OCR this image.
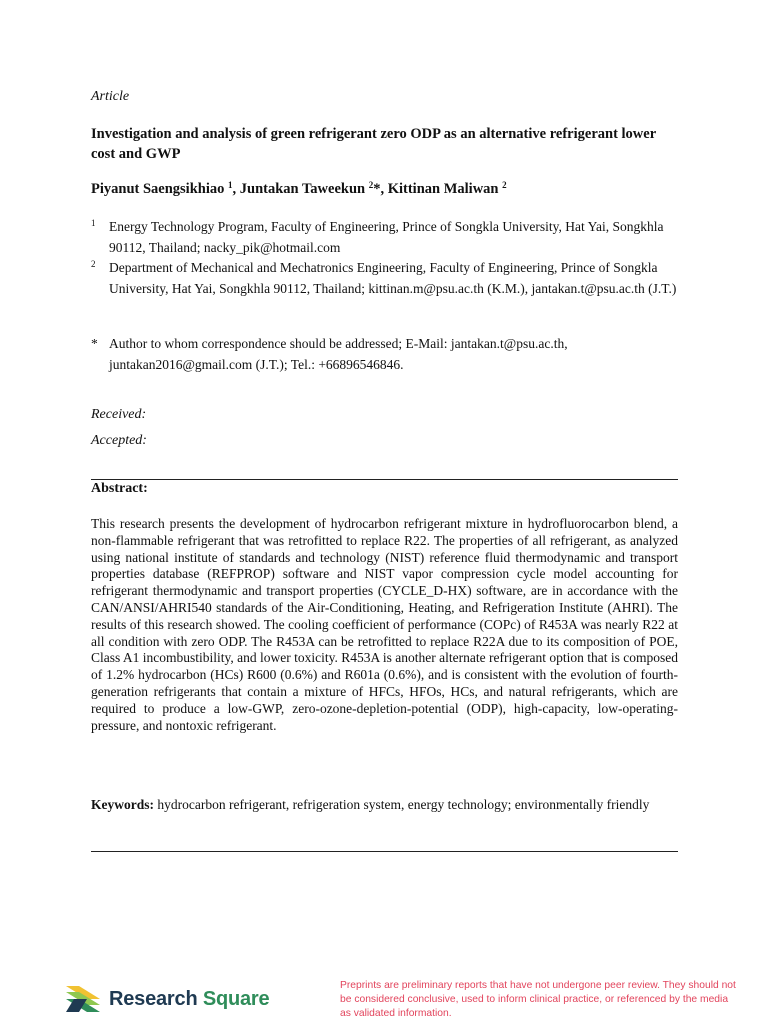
Article
Investigation and analysis of green refrigerant zero ODP as an alternative refrigerant lower cost and GWP
Piyanut Saengsikhiao $^1$, Juntakan Taweekun $^2$*, Kittinan Maliwan $^2$
1 Energy Technology Program, Faculty of Engineering, Prince of Songkla University, Hat Yai, Songkhla 90112, Thailand; nacky_pik@hotmail.com
2 Department of Mechanical and Mechatronics Engineering, Faculty of Engineering, Prince of Songkla University, Hat Yai, Songkhla 90112, Thailand; kittinan.m@psu.ac.th (K.M.), jantakan.t@psu.ac.th (J.T.)
* Author to whom correspondence should be addressed; E-Mail: jantakan.t@psu.ac.th, juntakan2016@gmail.com (J.T.); Tel.: +66896546846.
Received:
Accepted:
Abstract:
This research presents the development of hydrocarbon refrigerant mixture in hydrofluorocarbon blend, a non-flammable refrigerant that was retrofitted to replace R22. The properties of all refrigerant, as analyzed using national institute of standards and technology (NIST) reference fluid thermodynamic and transport properties database (REFPROP) software and NIST vapor compression cycle model accounting for refrigerant thermodynamic and transport properties (CYCLE_D-HX) software, are in accordance with the CAN/ANSI/AHRI540 standards of the Air-Conditioning, Heating, and Refrigeration Institute (AHRI). The results of this research showed. The cooling coefficient of performance (COPc) of R453A was nearly R22 at all condition with zero ODP. The R453A can be retrofitted to replace R22A due to its composition of POE, Class A1 incombustibility, and lower toxicity. R453A is another alternate refrigerant option that is composed of 1.2% hydrocarbon (HCs) R600 (0.6%) and R601a (0.6%), and is consistent with the evolution of fourth-generation refrigerants that contain a mixture of HFCs, HFOs, HCs, and natural refrigerants, which are required to produce a low-GWP, zero-ozone-depletion-potential (ODP), high-capacity, low-operating-pressure, and nontoxic refrigerant.
Keywords: hydrocarbon refrigerant, refrigeration system, energy technology; environmentally friendly
Research Square
Preprints are preliminary reports that have not undergone peer review. They should not be considered conclusive, used to inform clinical practice, or referenced by the media as validated information.
